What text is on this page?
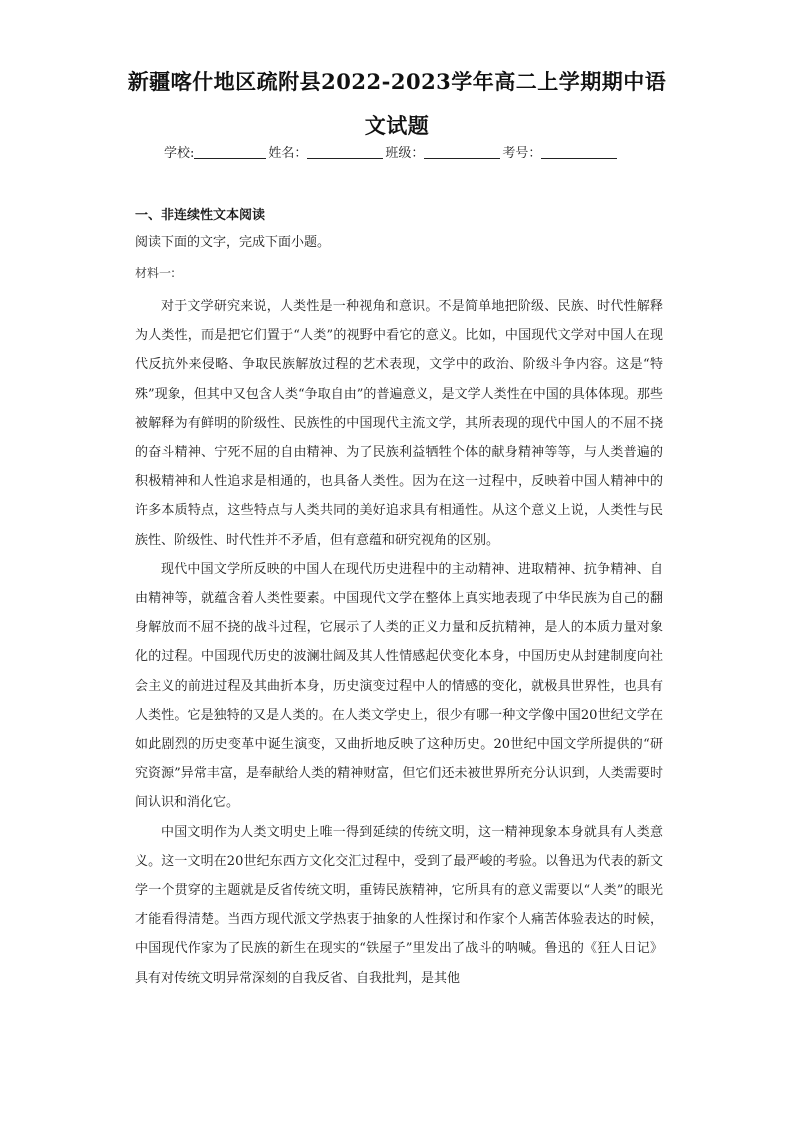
新疆喀什地区疏附县2022-2023学年高二上学期期中语文试题
学校:	姓名：	班级：	考号：
一、非连续性文本阅读
阅读下面的文字，完成下面小题。
材料一:

对于文学研究来说，人类性是一种视角和意识。不是简单地把阶级、民族、时代性解释为人类性，而是把它们置于“人类”的视野中看它的意义。比如，中国现代文学对中国人在现代反抗外来侵略、争取民族解放过程的艺术表现，文学中的政治、阶级斗争内容。这是“特殊”现象，但其中又包含人类“争取自由”的普遍意义，是文学人类性在中国的具体体现。那些被解释为有鲜明的阶级性、民族性的中国现代主流文学，其所表现的现代中国人的不屈不挠的奋斗精神、宁死不屈的自由精神、为了民族利益牺牲个体的献身精神等等，与人类普遍的积极精神和人性追求是相通的，也具备人类性。因为在这一过程中，反映着中国人精神中的许多本质特点，这些特点与人类共同的美好追求具有相通性。从这个意义上说，人类性与民族性、阶级性、时代性并不矛盾，但有意蕴和研究视角的区别。

现代中国文学所反映的中国人在现代历史进程中的主动精神、进取精神、抗争精神、自由精神等，就蕴含着人类性要素。中国现代文学在整体上真实地表现了中华民族为自己的翻身解放而不屈不挠的战斗过程，它展示了人类的正义力量和反抗精神，是人的本质力量对象化的过程。中国现代历史的波澜壮阔及其人性情感起伏变化本身，中国历史从封建制度向社会主义的前进过程及其曲折本身，历史演变过程中人的情感的变化，就极具世界性，也具有人类性。它是独特的又是人类的。在人类文学史上，很少有哪一种文学像中国20世纪文学在如此剧烈的历史变革中诞生演变，又曲折地反映了这种历史。20世纪中国文学所提供的“研究资源”异常丰富，是奉献给人类的精神财富，但它们还未被世界所充分认识到，人类需要时间认识和消化它。

中国文明作为人类文明史上唯一得到延续的传统文明，这一精神现象本身就具有人类意义。这一文明在20世纪东西方文化交汇过程中，受到了最严峻的考验。以鲁迅为代表的新文学一个贯穿的主题就是反省传统文明，重铸民族精神，它所具有的意义需要以“人类”的眼光才能看得清楚。当西方现代派文学热衷于抽象的人性探讨和作家个人痛苦体验表达的时候，中国现代作家为了民族的新生在现实的“铁屋子”里发出了战斗的呐喊。鲁迅的《狂人日记》具有对传统文明异常深刻的自我反省、自我批判，是其他
